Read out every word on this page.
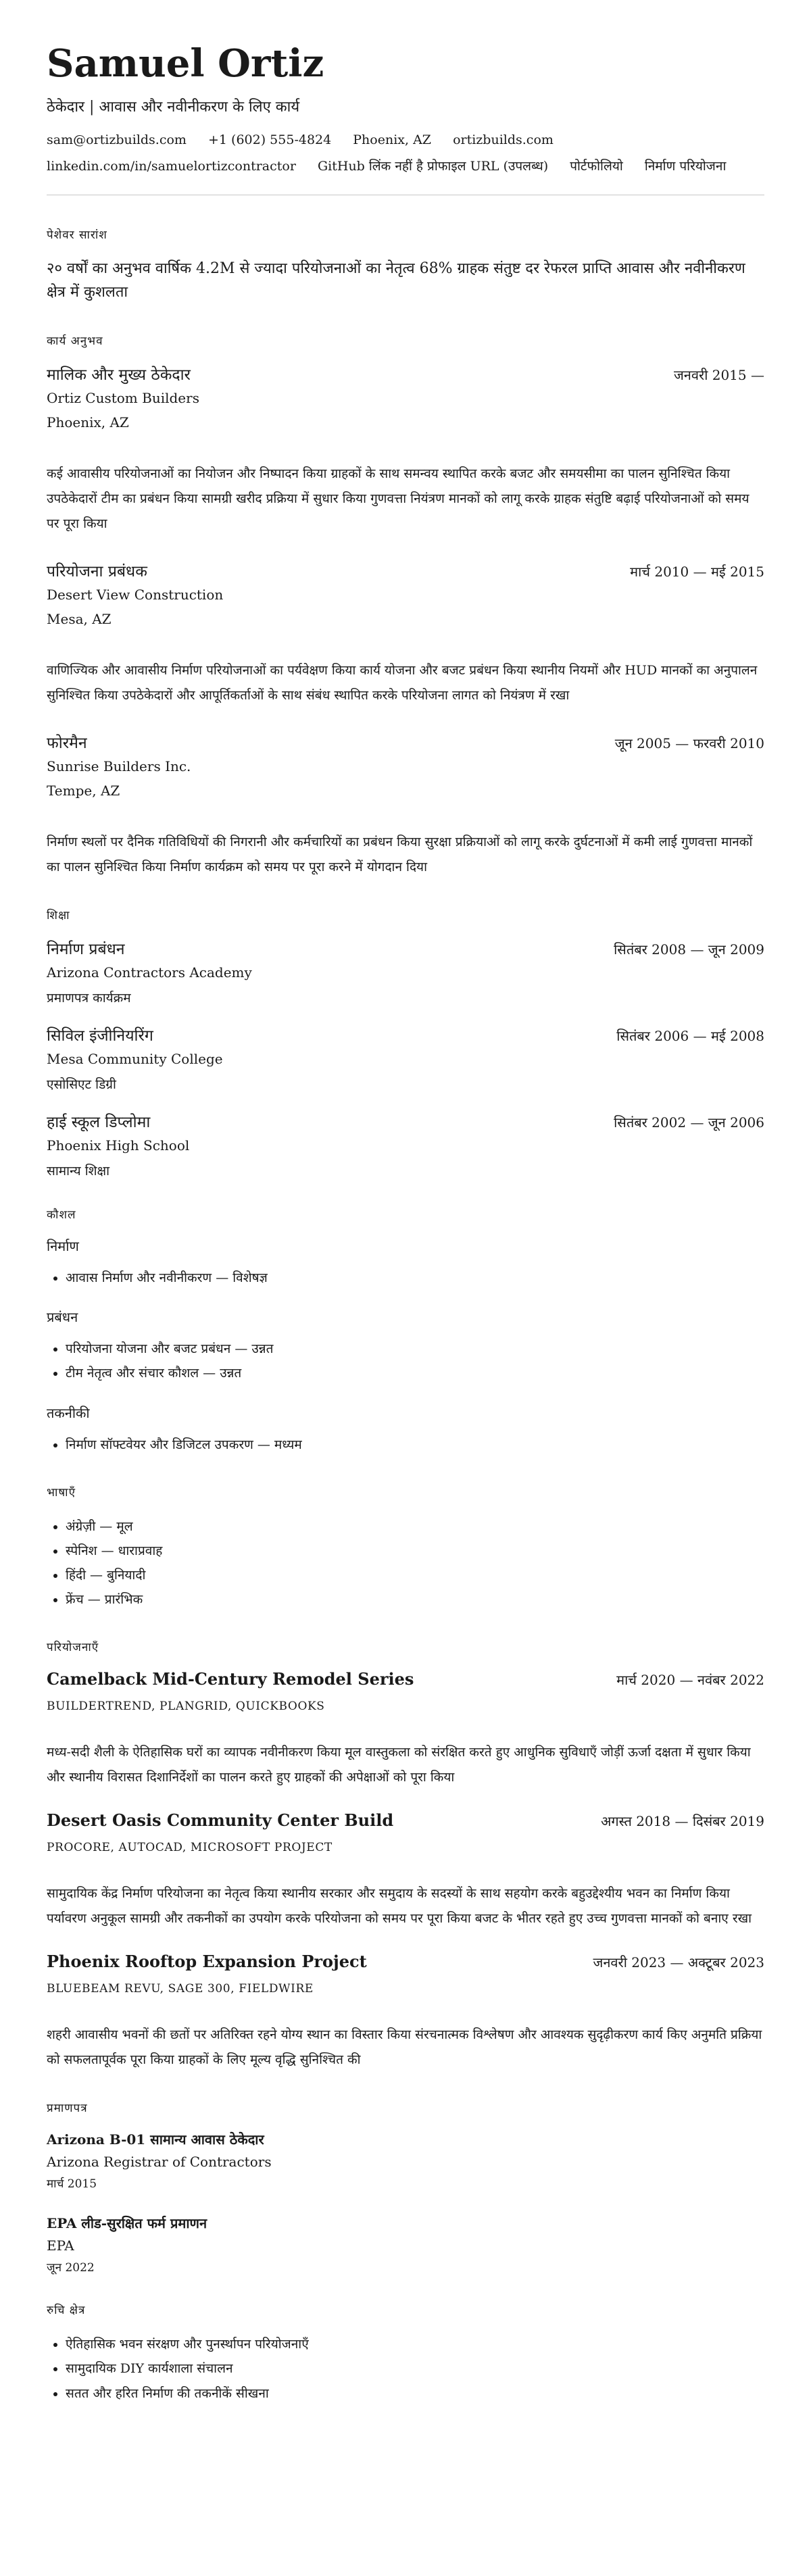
Samuel Ortiz

ठेकेदार | आवास और नवीनीकरण के लिए कार्य

sam@ortizbuilds.com +1 (602) 555-4824 Phoenix, AZ ortizbuilds.com
linkedin.com/in/samuelortizcontractor GitHub लिंक नहीं है प्रोफाइल URL (उपलब्ध) पोर्टफोलियो निर्माण परियोजना

पेशेवर सारांश

२० वर्षों का अनुभव वार्षिक 4.2M से ज्यादा परियोजनाओं का नेतृत्व 68% ग्राहक संतुष्ट दर रेफरल प्राप्ति आवास और नवीनीकरण क्षेत्र में कुशलता

कार्य अनुभव

मालिक और मुख्य ठेकेदार	जनवरी 2015 —

Ortiz Custom Builders

Phoenix, AZ

कई आवासीय परियोजनाओं का नियोजन और निष्पादन किया ग्राहकों के साथ समन्वय स्थापित करके बजट और समयसीमा का पालन सुनिश्चित किया उपठेकेदारों टीम का प्रबंधन किया सामग्री खरीद प्रक्रिया में सुधार किया गुणवत्ता नियंत्रण मानकों को लागू करके ग्राहक संतुष्टि बढ़ाई परियोजनाओं को समय पर पूरा किया

परियोजना प्रबंधक	मार्च 2010 — मई 2015

Desert View Construction

Mesa, AZ

वाणिज्यिक और आवासीय निर्माण परियोजनाओं का पर्यवेक्षण किया कार्य योजना और बजट प्रबंधन किया स्थानीय नियमों और HUD मानकों का अनुपालन सुनिश्चित किया उपठेकेदारों और आपूर्तिकर्ताओं के साथ संबंध स्थापित करके परियोजना लागत को नियंत्रण में रखा

फोरमैन	जून 2005 — फरवरी 2010

Sunrise Builders Inc.

Tempe, AZ

निर्माण स्थलों पर दैनिक गतिविधियों की निगरानी और कर्मचारियों का प्रबंधन किया सुरक्षा प्रक्रियाओं को लागू करके दुर्घटनाओं में कमी लाई गुणवत्ता मानकों का पालन सुनिश्चित किया निर्माण कार्यक्रम को समय पर पूरा करने में योगदान दिया

शिक्षा

निर्माण प्रबंधन	सितंबर 2008 — जून 2009

Arizona Contractors Academy

प्रमाणपत्र कार्यक्रम

सिविल इंजीनियरिंग	सितंबर 2006 — मई 2008

Mesa Community College

एसोसिएट डिग्री

हाई स्कूल डिप्लोमा	सितंबर 2002 — जून 2006

Phoenix High School

सामान्य शिक्षा

कौशल

निर्माण

• आवास निर्माण और नवीनीकरण — विशेषज्ञ

प्रबंधन

• परियोजना योजना और बजट प्रबंधन — उन्नत
• टीम नेतृत्व और संचार कौशल — उन्नत

तकनीकी

• निर्माण सॉफ्टवेयर और डिजिटल उपकरण — मध्यम

भाषाएँ

• अंग्रेज़ी — मूल
• स्पेनिश — धाराप्रवाह
• हिंदी — बुनियादी
• फ्रेंच — प्रारंभिक

परियोजनाएँ

Camelback Mid-Century Remodel Series	मार्च 2020 — नवंबर 2022

BUILDERTREND, PLANGRID, QUICKBOOKS

मध्य-सदी शैली के ऐतिहासिक घरों का व्यापक नवीनीकरण किया मूल वास्तुकला को संरक्षित करते हुए आधुनिक सुविधाएँ जोड़ीं ऊर्जा दक्षता में सुधार किया और स्थानीय विरासत दिशानिर्देशों का पालन करते हुए ग्राहकों की अपेक्षाओं को पूरा किया

Desert Oasis Community Center Build	अगस्त 2018 — दिसंबर 2019

PROCORE, AUTOCAD, MICROSOFT PROJECT

सामुदायिक केंद्र निर्माण परियोजना का नेतृत्व किया स्थानीय सरकार और समुदाय के सदस्यों के साथ सहयोग करके बहुउद्देश्यीय भवन का निर्माण किया पर्यावरण अनुकूल सामग्री और तकनीकों का उपयोग करके परियोजना को समय पर पूरा किया बजट के भीतर रहते हुए उच्च गुणवत्ता मानकों को बनाए रखा

Phoenix Rooftop Expansion Project	जनवरी 2023 — अक्टूबर 2023

BLUEBEAM REVU, SAGE 300, FIELDWIRE

शहरी आवासीय भवनों की छतों पर अतिरिक्त रहने योग्य स्थान का विस्तार किया संरचनात्मक विश्लेषण और आवश्यक सुदृढ़ीकरण कार्य किए अनुमति प्रक्रिया को सफलतापूर्वक पूरा किया ग्राहकों के लिए मूल्य वृद्धि सुनिश्चित की

प्रमाणपत्र

Arizona B-01 सामान्य आवास ठेकेदार

Arizona Registrar of Contractors

मार्च 2015

EPA लीड-सुरक्षित फर्म प्रमाणन

EPA

जून 2022

रुचि क्षेत्र

• ऐतिहासिक भवन संरक्षण और पुनर्स्थापन परियोजनाएँ
• सामुदायिक DIY कार्यशाला संचालन
• सतत और हरित निर्माण की तकनीकें सीखना
